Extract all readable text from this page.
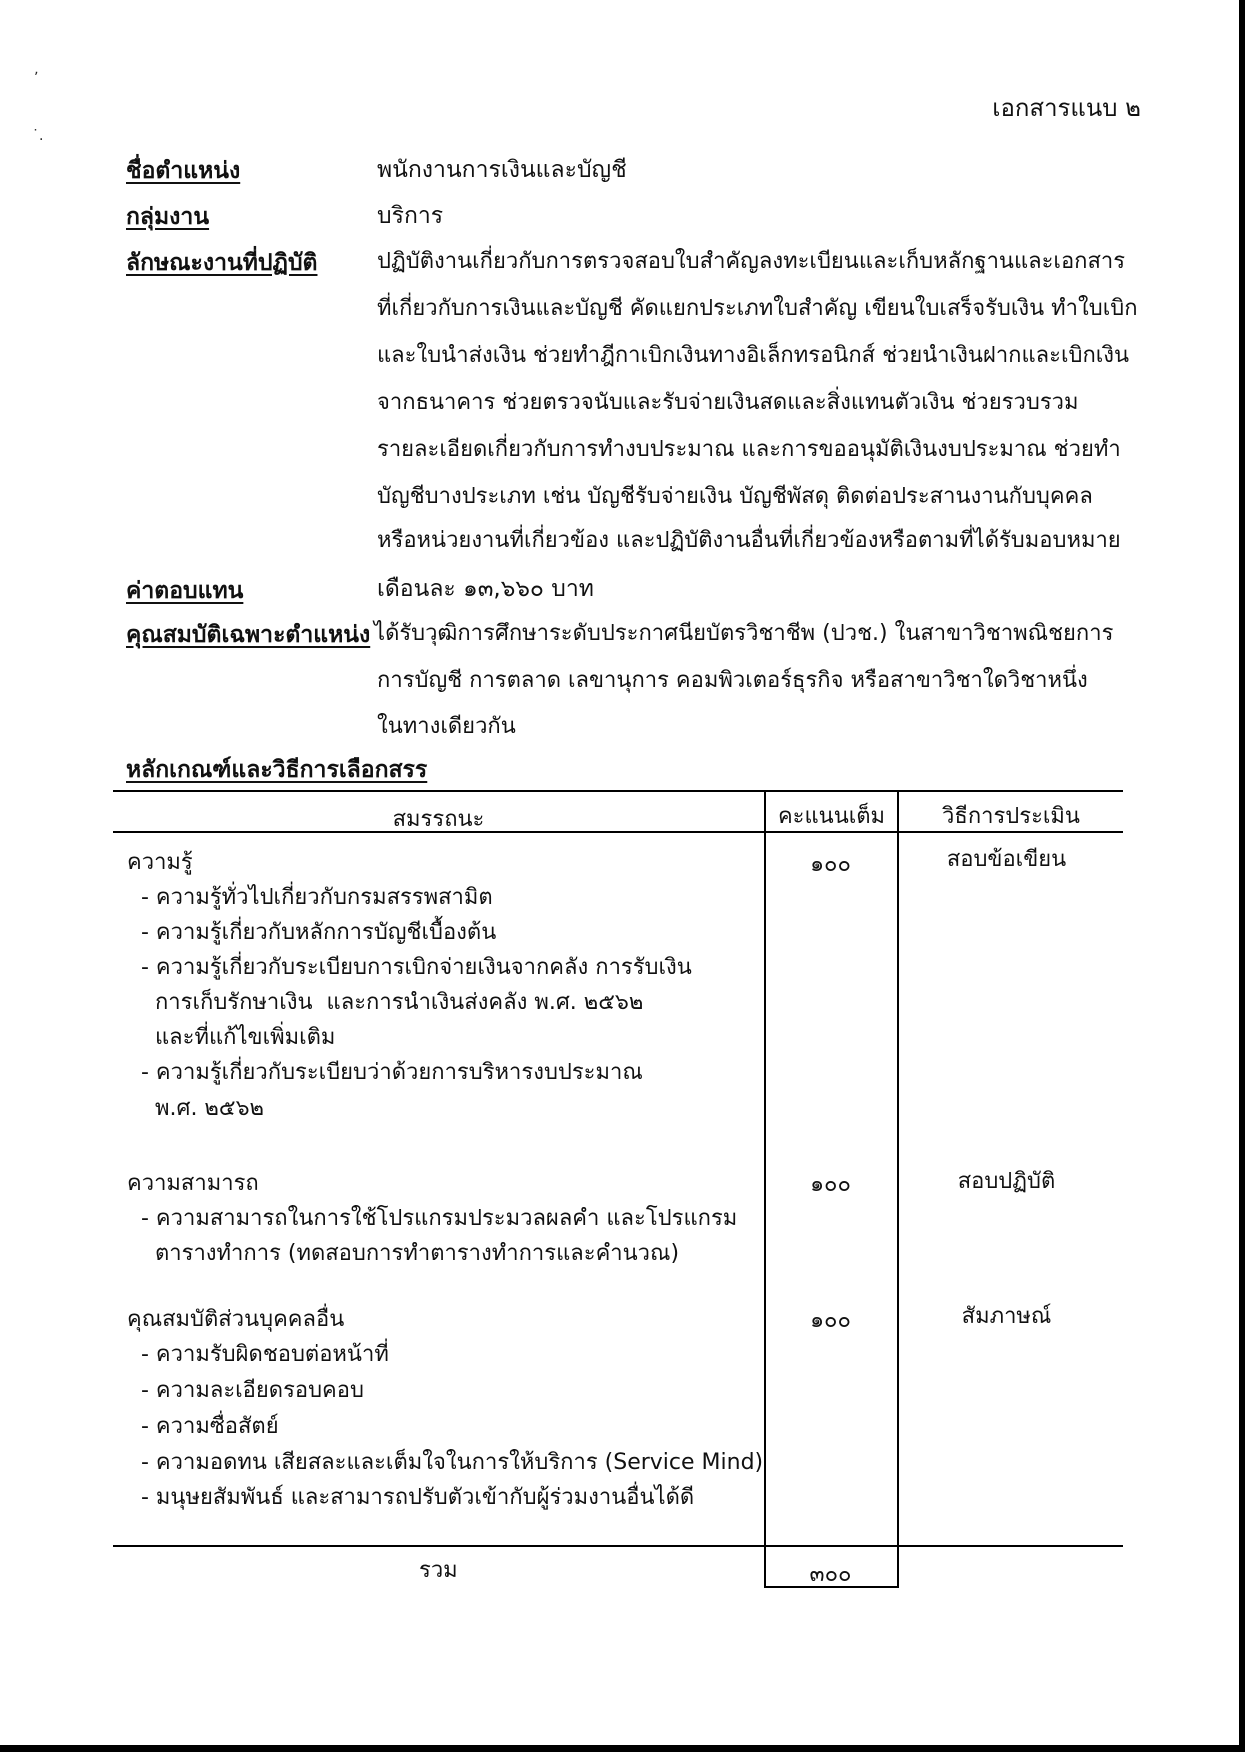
ʼ
˙.
เอกสารแนบ ๒
ชื่อตำแหน่ง	พนักงานการเงินและบัญชี
กลุ่มงาน	บริการ
ลักษณะงานที่ปฏิบัติ	ปฏิบัติงานเกี่ยวกับการตรวจสอบใบสำคัญลงทะเบียนและเก็บหลักฐานและเอกสาร
ที่เกี่ยวกับการเงินและบัญชี คัดแยกประเภทใบสำคัญ เขียนใบเสร็จรับเงิน ทำใบเบิก
และใบนำส่งเงิน ช่วยทำฎีกาเบิกเงินทางอิเล็กทรอนิกส์ ช่วยนำเงินฝากและเบิกเงิน
จากธนาคาร ช่วยตรวจนับและรับจ่ายเงินสดและสิ่งแทนตัวเงิน ช่วยรวบรวม
รายละเอียดเกี่ยวกับการทำงบประมาณ และการขออนุมัติเงินงบประมาณ ช่วยทำ
บัญชีบางประเภท เช่น บัญชีรับจ่ายเงิน บัญชีพัสดุ ติดต่อประสานงานกับบุคคล
หรือหน่วยงานที่เกี่ยวข้อง และปฏิบัติงานอื่นที่เกี่ยวข้องหรือตามที่ได้รับมอบหมาย
ค่าตอบแทน	เดือนละ ๑๓,๖๖๐ บาท
คุณสมบัติเฉพาะตำแหน่ง ได้รับวุฒิการศึกษาระดับประกาศนียบัตรวิชาชีพ (ปวช.) ในสาขาวิชาพณิชยการ
การบัญชี การตลาด เลขานุการ คอมพิวเตอร์ธุรกิจ หรือสาขาวิชาใดวิชาหนึ่ง
ในทางเดียวกัน
หลักเกณฑ์และวิธีการเลือกสรร
สมรรถนะ	คะแนนเต็ม	วิธีการประเมิน
ความรู้
- ความรู้ทั่วไปเกี่ยวกับกรมสรรพสามิต
- ความรู้เกี่ยวกับหลักการบัญชีเบื้องต้น
- ความรู้เกี่ยวกับระเบียบการเบิกจ่ายเงินจากคลัง การรับเงิน
การเก็บรักษาเงิน  และการนำเงินส่งคลัง พ.ศ. ๒๕๖๒
และที่แก้ไขเพิ่มเติม
- ความรู้เกี่ยวกับระเบียบว่าด้วยการบริหารงบประมาณ
พ.ศ. ๒๕๖๒
๑๐๐	สอบข้อเขียน
ความสามารถ
- ความสามารถในการใช้โปรแกรมประมวลผลคำ และโปรแกรม
ตารางทำการ (ทดสอบการทำตารางทำการและคำนวณ)
๑๐๐	สอบปฏิบัติ
คุณสมบัติส่วนบุคคลอื่น
- ความรับผิดชอบต่อหน้าที่
- ความละเอียดรอบคอบ
- ความซื่อสัตย์
- ความอดทน เสียสละและเต็มใจในการให้บริการ (Service Mind)
- มนุษยสัมพันธ์ และสามารถปรับตัวเข้ากับผู้ร่วมงานอื่นได้ดี
๑๐๐	สัมภาษณ์
รวม	๓๐๐
